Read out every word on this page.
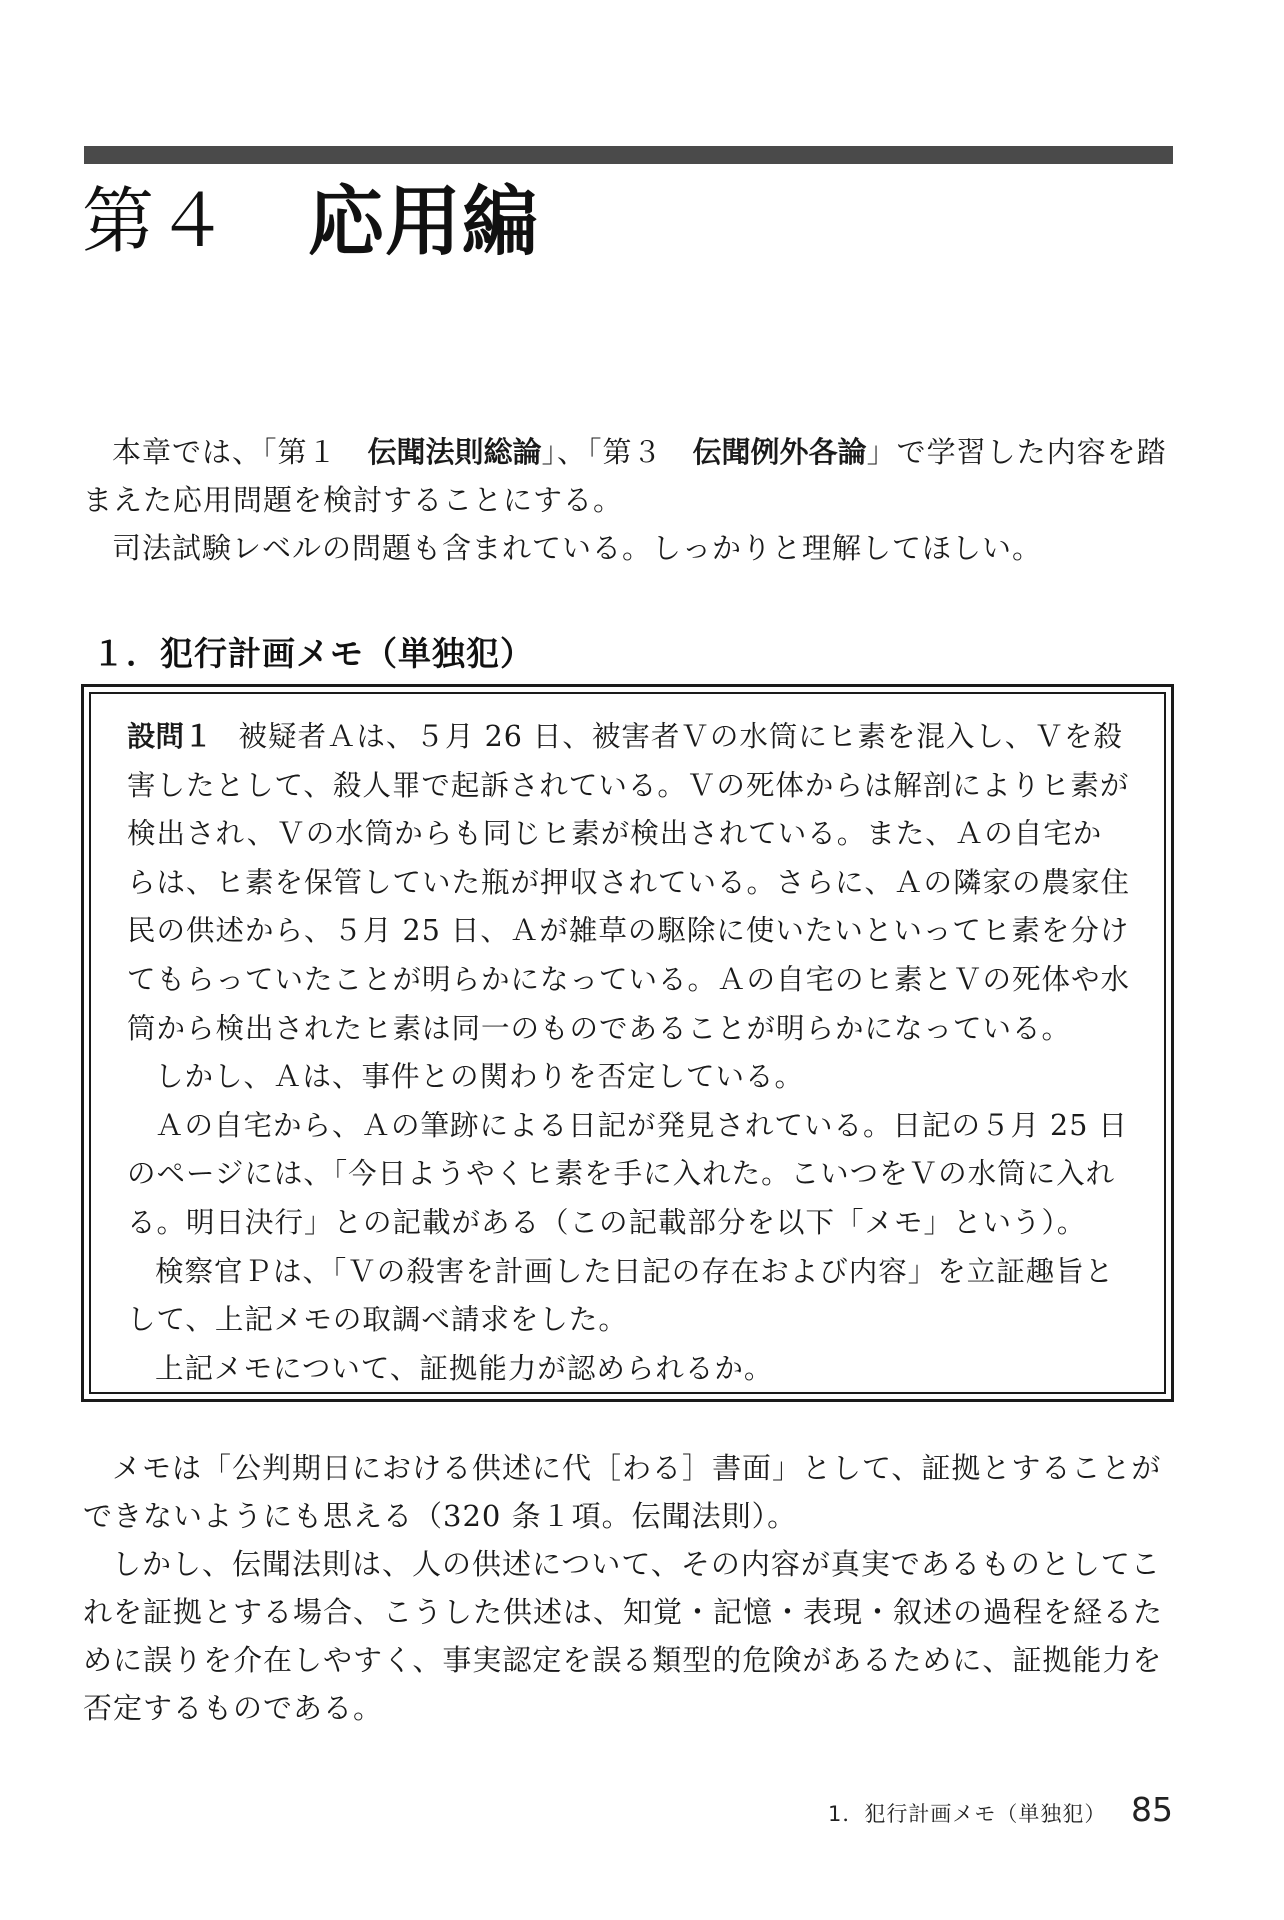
第４ 応用編

本章では、「第１　伝聞法則総論」、「第３　伝聞例外各論」で学習した内容を踏まえた応用問題を検討することにする。

司法試験レベルの問題も含まれている。しっかりと理解してほしい。

１．犯行計画メモ（単独犯）

設問１ 被疑者Ａは、５月 26 日、被害者Ｖの水筒にヒ素を混入し、Ｖを殺害したとして、殺人罪で起訴されている。Ｖの死体からは解剖によりヒ素が検出され、Ｖの水筒からも同じヒ素が検出されている。また、Ａの自宅からは、ヒ素を保管していた瓶が押収されている。さらに、Ａの隣家の農家住民の供述から、５月 25 日、Ａが雑草の駆除に使いたいといってヒ素を分けてもらっていたことが明らかになっている。Ａの自宅のヒ素とＶの死体や水筒から検出されたヒ素は同一のものであることが明らかになっている。

しかし、Ａは、事件との関わりを否定している。

Ａの自宅から、Ａの筆跡による日記が発見されている。日記の５月 25 日のページには、「今日ようやくヒ素を手に入れた。こいつをＶの水筒に入れる。明日決行」との記載がある（この記載部分を以下「メモ」という）。

検察官Ｐは、「Ｖの殺害を計画した日記の存在および内容」を立証趣旨として、上記メモの取調べ請求をした。

上記メモについて、証拠能力が認められるか。

メモは「公判期日における供述に代［わる］書面」として、証拠とすることができないようにも思える（320 条１項。伝聞法則）。

しかし、伝聞法則は、人の供述について、その内容が真実であるものとしてこれを証拠とする場合、こうした供述は、知覚・記憶・表現・叙述の過程を経るために誤りを介在しやすく、事実認定を誤る類型的危険があるために、証拠能力を否定するものである。

1．犯行計画メモ（単独犯） 85
